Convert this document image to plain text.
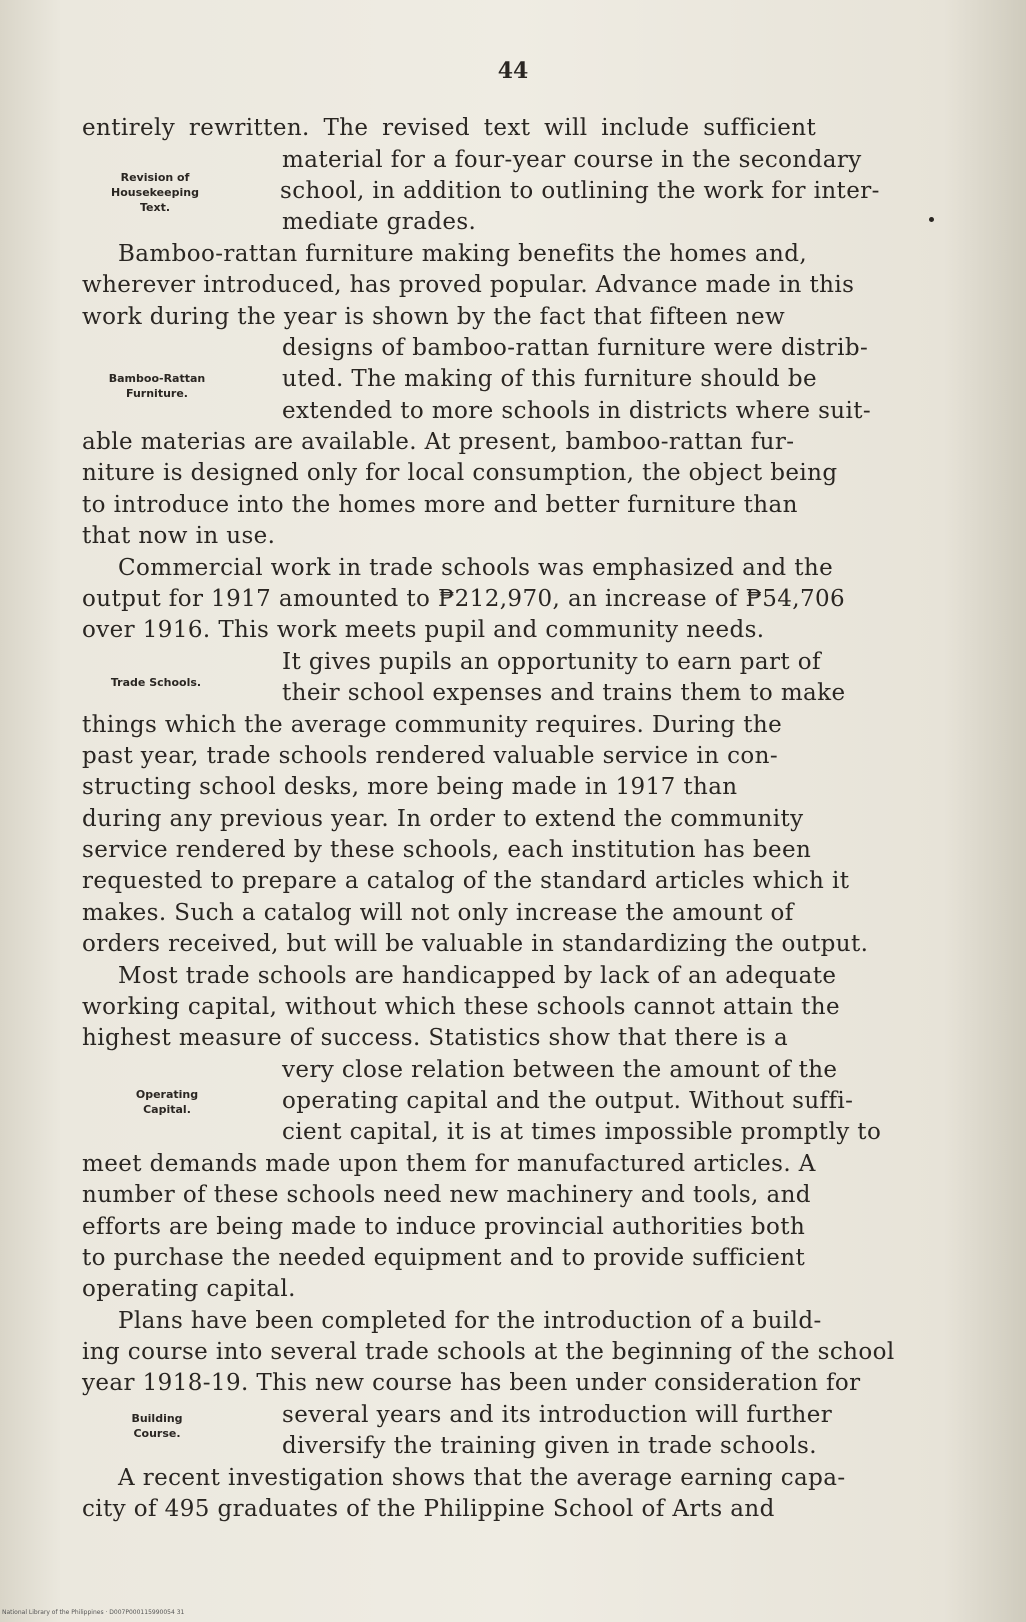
44
Revision of Housekeeping Text.
Bamboo-Rattan Furniture.
Trade Schools.
Operating Capital.
Building Course.
entirely rewritten. The revised text will include sufficient
material for a four-year course in the secondary
school, in addition to outlining the work for inter-
mediate grades.
Bamboo-rattan furniture making benefits the homes and,
wherever introduced, has proved popular. Advance made in this
work during the year is shown by the fact that fifteen new
designs of bamboo-rattan furniture were distrib-
uted. The making of this furniture should be
extended to more schools in districts where suit-
able materias are available. At present, bamboo-rattan fur-
niture is designed only for local consumption, the object being
to introduce into the homes more and better furniture than
that now in use.
Commercial work in trade schools was emphasized and the
output for 1917 amounted to ₱212,970, an increase of ₱54,706
over 1916. This work meets pupil and community needs.
It gives pupils an opportunity to earn part of
their school expenses and trains them to make
things which the average community requires. During the
past year, trade schools rendered valuable service in con-
structing school desks, more being made in 1917 than
during any previous year. In order to extend the community
service rendered by these schools, each institution has been
requested to prepare a catalog of the standard articles which it
makes. Such a catalog will not only increase the amount of
orders received, but will be valuable in standardizing the output.
Most trade schools are handicapped by lack of an adequate
working capital, without which these schools cannot attain the
highest measure of success. Statistics show that there is a
very close relation between the amount of the
operating capital and the output. Without suffi-
cient capital, it is at times impossible promptly to
meet demands made upon them for manufactured articles. A
number of these schools need new machinery and tools, and
efforts are being made to induce provincial authorities both
to purchase the needed equipment and to provide sufficient
operating capital.
Plans have been completed for the introduction of a build-
ing course into several trade schools at the beginning of the school
year 1918-19. This new course has been under consideration for
several years and its introduction will further
diversify the training given in trade schools.
A recent investigation shows that the average earning capa-
city of 495 graduates of the Philippine School of Arts and
National Library of the Philippines · D007P000115990054 31
